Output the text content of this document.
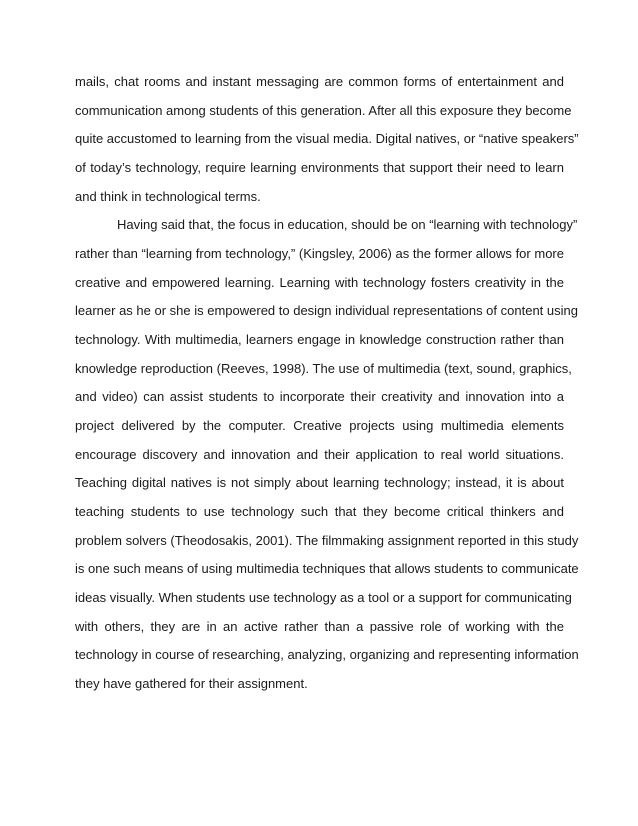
mails, chat rooms and instant messaging are common forms of entertainment and
communication among students of this generation. After all this exposure they become
quite accustomed to learning from the visual media. Digital natives, or “native speakers”
of today’s technology, require learning environments that support their need to learn
and think in technological terms.
Having said that, the focus in education, should be on “learning with technology”
rather than “learning from technology,” (Kingsley, 2006) as the former allows for more
creative and empowered learning. Learning with technology fosters creativity in the
learner as he or she is empowered to design individual representations of content using
technology. With multimedia, learners engage in knowledge construction rather than
knowledge reproduction (Reeves, 1998). The use of multimedia (text, sound, graphics,
and video) can assist students to incorporate their creativity and innovation into a
project delivered by the computer. Creative projects using multimedia elements
encourage discovery and innovation and their application to real world situations.
Teaching digital natives is not simply about learning technology; instead, it is about
teaching students to use technology such that they become critical thinkers and
problem solvers (Theodosakis, 2001). The filmmaking assignment reported in this study
is one such means of using multimedia techniques that allows students to communicate
ideas visually. When students use technology as a tool or a support for communicating
with others, they are in an active rather than a passive role of working with the
technology in course of researching, analyzing, organizing and representing information
they have gathered for their assignment.
